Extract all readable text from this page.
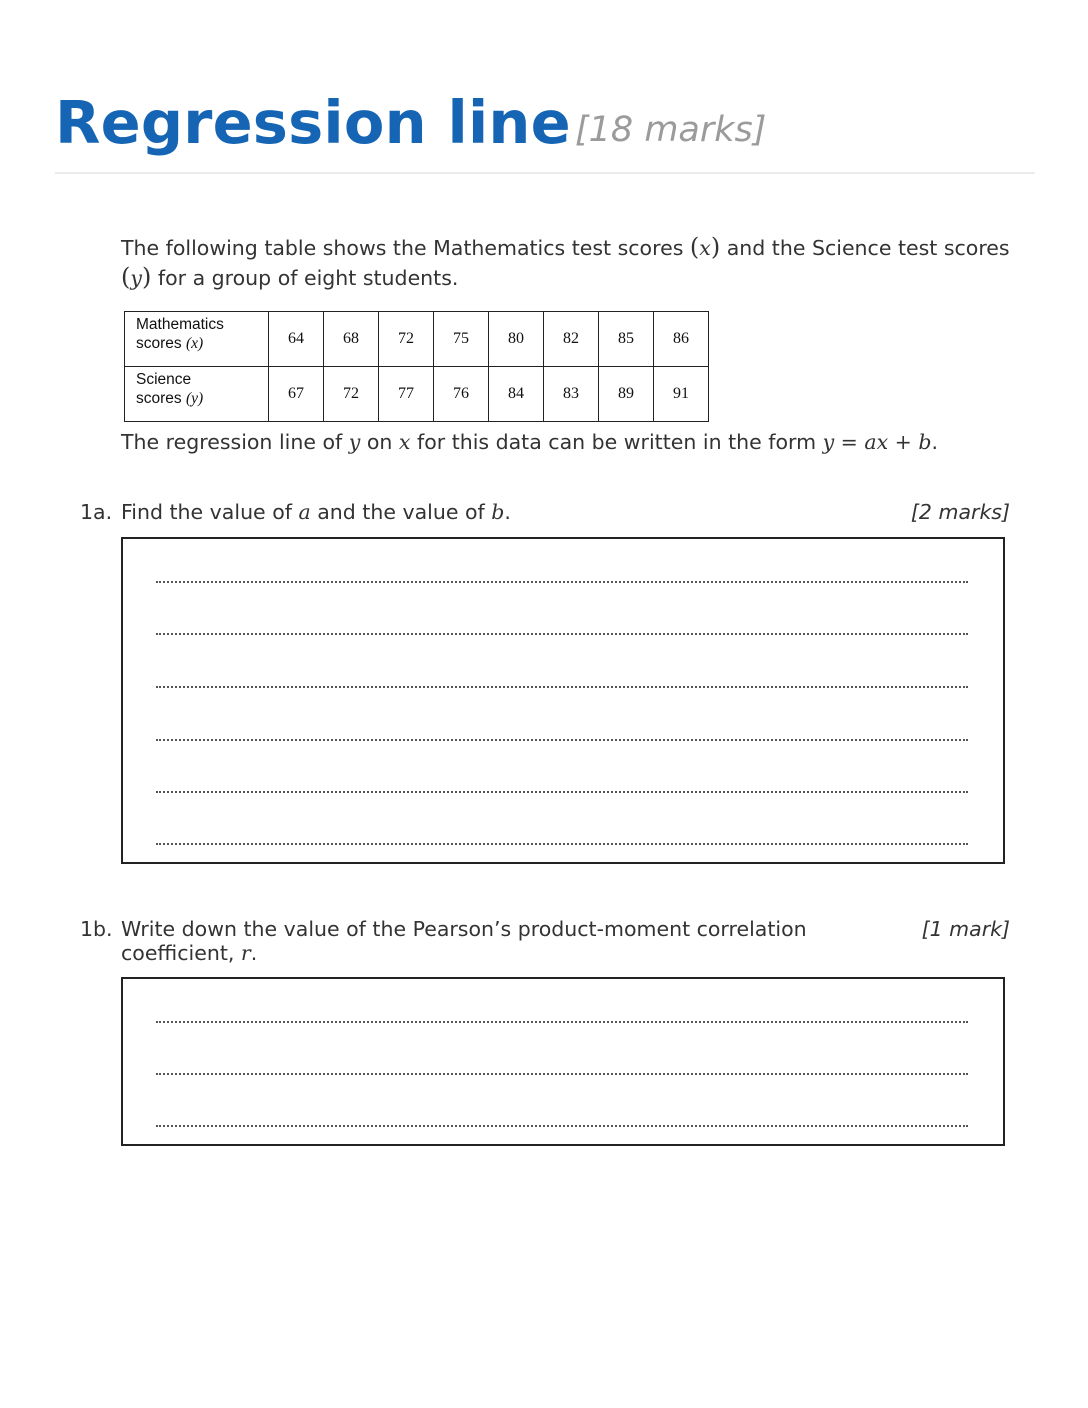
Regression line [18 marks]
The following table shows the Mathematics test scores (x) and the Science test scores (y) for a group of eight students.
Mathematics
scores (x)	64	68	72	75	80	82	85	86
Science
scores (y)	67	72	77	76	84	83	89	91
The regression line of y on x for this data can be written in the form y = ax + b.
1a. Find the value of a and the value of b.	[2 marks]
1b. Write down the value of the Pearson’s product-moment correlation
coefficient, r.
[1 mark]
